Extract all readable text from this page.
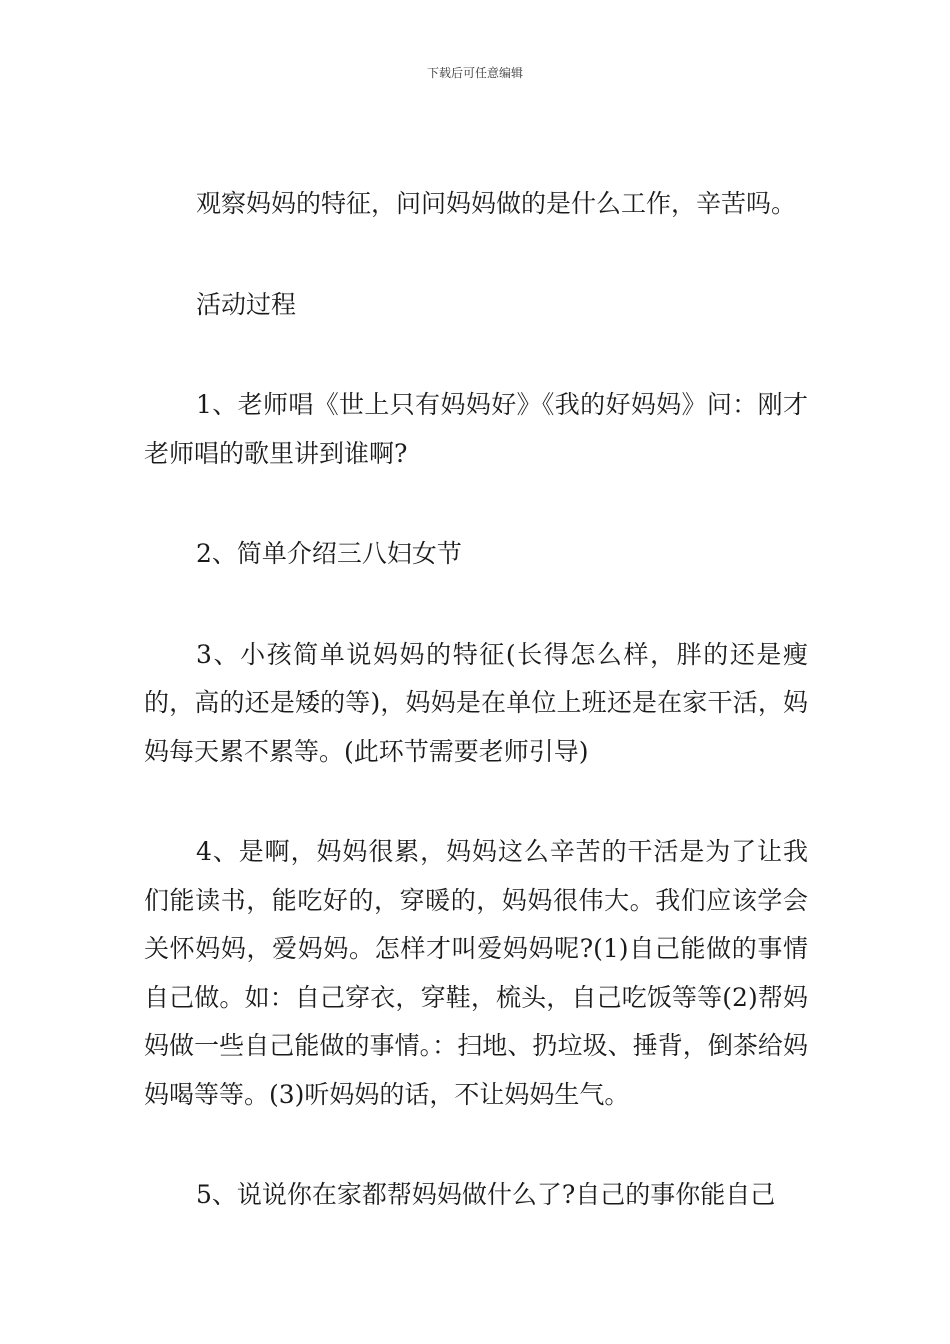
下载后可任意编辑

观察妈妈的特征，问问妈妈做的是什么工作，辛苦吗。

活动过程

1、老师唱《世上只有妈妈好》《我的好妈妈》问：刚才老师唱的歌里讲到谁啊?

2、简单介绍三八妇女节

3、小孩简单说妈妈的特征(长得怎么样，胖的还是瘦的，高的还是矮的等)，妈妈是在单位上班还是在家干活，妈妈每天累不累等。(此环节需要老师引导)

4、是啊，妈妈很累，妈妈这么辛苦的干活是为了让我们能读书，能吃好的，穿暖的，妈妈很伟大。我们应该学会关怀妈妈，爱妈妈。怎样才叫爱妈妈呢?(1)自己能做的事情自己做。如：自己穿衣，穿鞋，梳头，自己吃饭等等(2)帮妈妈做一些自己能做的事情。：扫地、扔垃圾、捶背，倒茶给妈妈喝等等。(3)听妈妈的话，不让妈妈生气。

5、说说你在家都帮妈妈做什么了?自己的事你能自己
